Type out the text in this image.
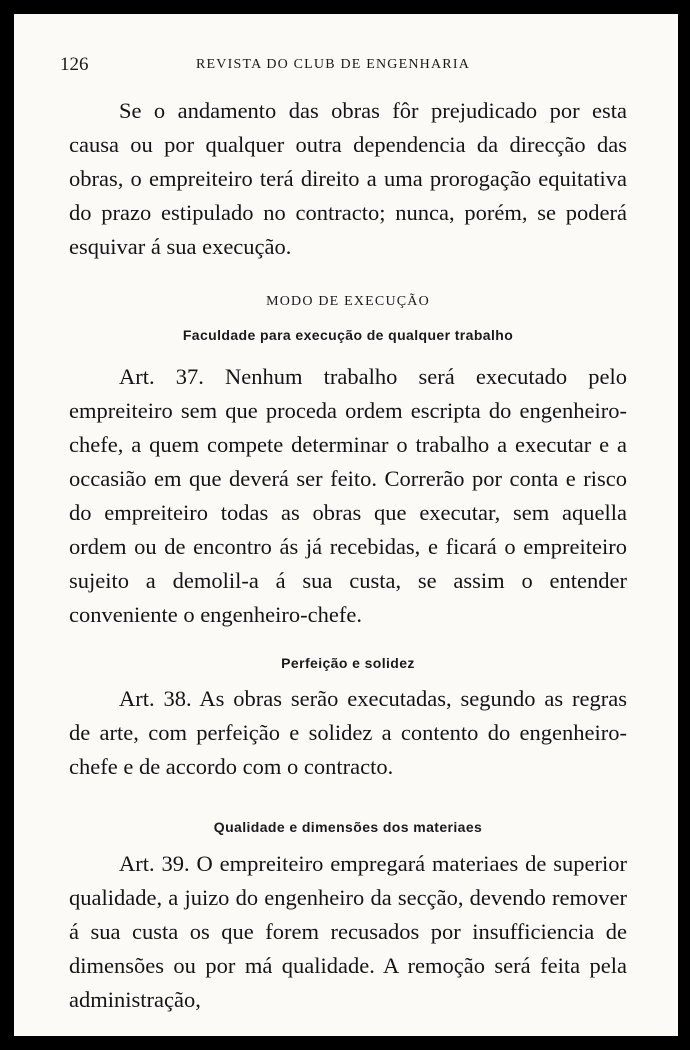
126	REVISTA DO CLUB DE ENGENHARIA

Se o andamento das obras fôr prejudicado por esta causa ou por qualquer outra dependencia da direcção das obras, o empreiteiro terá direito a uma prorogação equitativa do prazo estipulado no contracto; nunca, porém, se poderá esquivar á sua execução.

MODO DE EXECUÇÃO
Faculdade para execução de qualquer trabalho

Art. 37. Nenhum trabalho será executado pelo empreiteiro sem que proceda ordem escripta do engenheiro-chefe, a quem compete determinar o trabalho a executar e a occasião em que deverá ser feito. Correrão por conta e risco do empreiteiro todas as obras que executar, sem aquella ordem ou de encontro ás já recebidas, e ficará o empreiteiro sujeito a demolil-a á sua custa, se assim o entender conveniente o engenheiro-chefe.

Perfeição e solidez

Art. 38. As obras serão executadas, segundo as regras de arte, com perfeição e solidez a contento do engenheiro-chefe e de accordo com o contracto.

Qualidade e dimensões dos materiaes

Art. 39. O empreiteiro empregará materiaes de superior qualidade, a juizo do engenheiro da secção, devendo remover á sua custa os que forem recusados por insufficiencia de dimensões ou por má qualidade. A remoção será feita pela administração,
